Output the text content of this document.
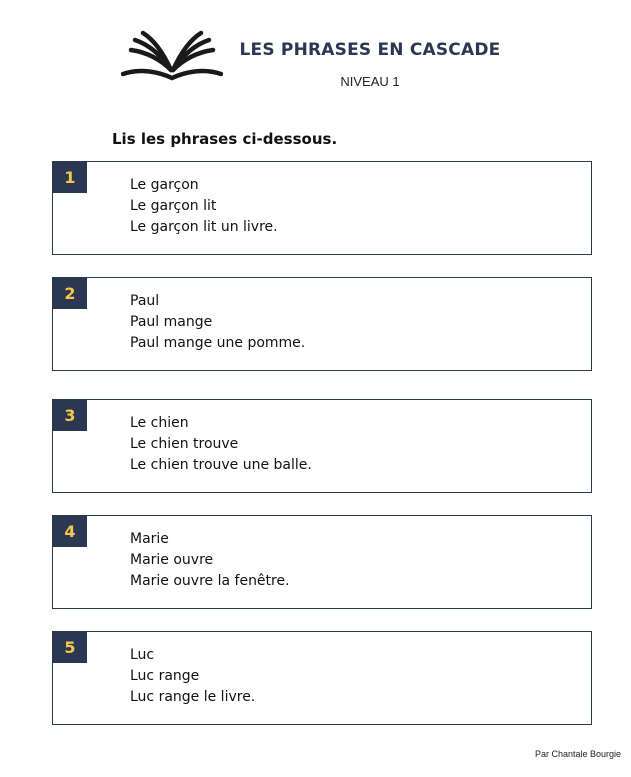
LES PHRASES EN CASCADE
NIVEAU 1
Lis les phrases ci-dessous.
1	Le garçon
Le garçon lit
Le garçon lit un livre.
2	Paul
Paul mange
Paul mange une pomme.
3	Le chien
Le chien trouve
Le chien trouve une balle.
4	Marie
Marie ouvre
Marie ouvre la fenêtre.
5	Luc
Luc range
Luc range le livre.
Par Chantale Bourgie
